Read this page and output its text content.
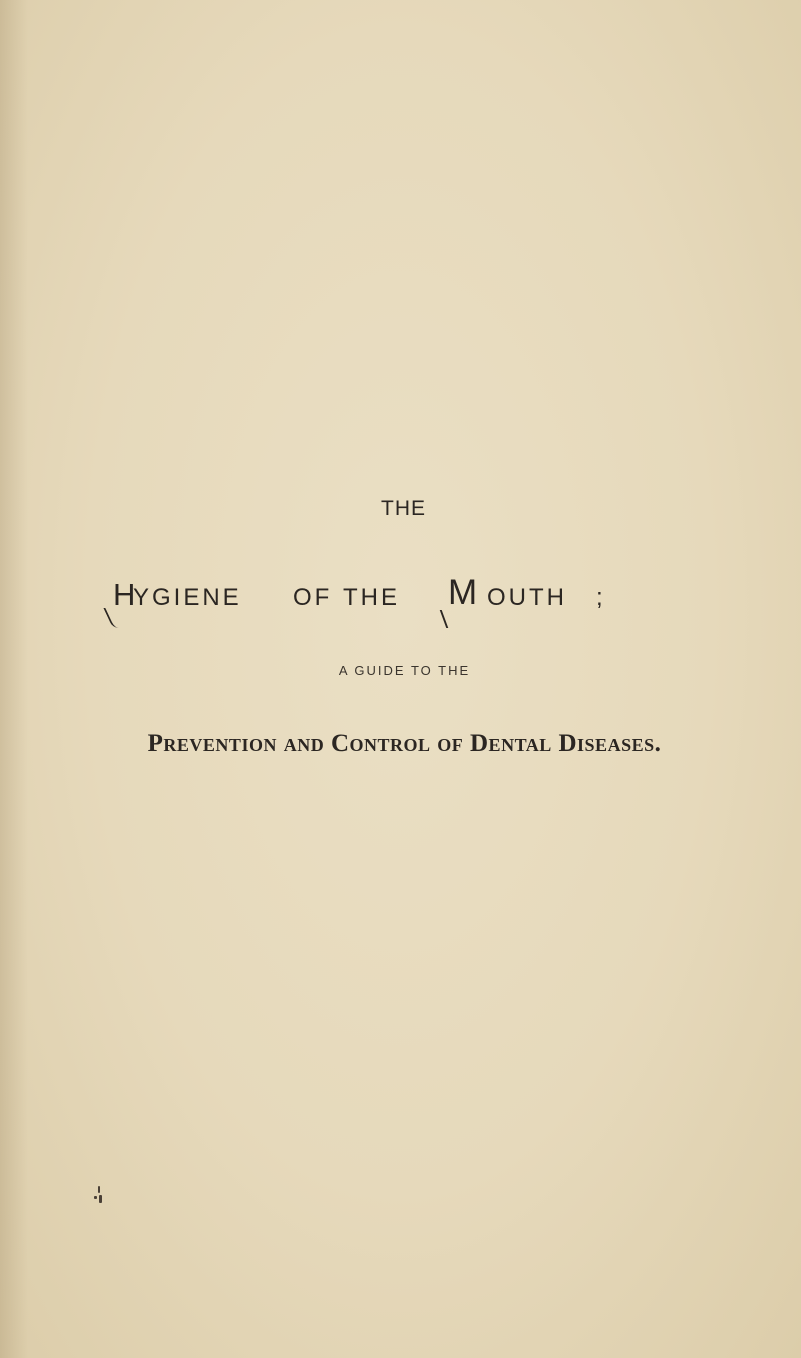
THE
H
YGIENE OF THE M OUTH ;
A GUIDE TO THE
Prevention and Control of Dental Diseases.
